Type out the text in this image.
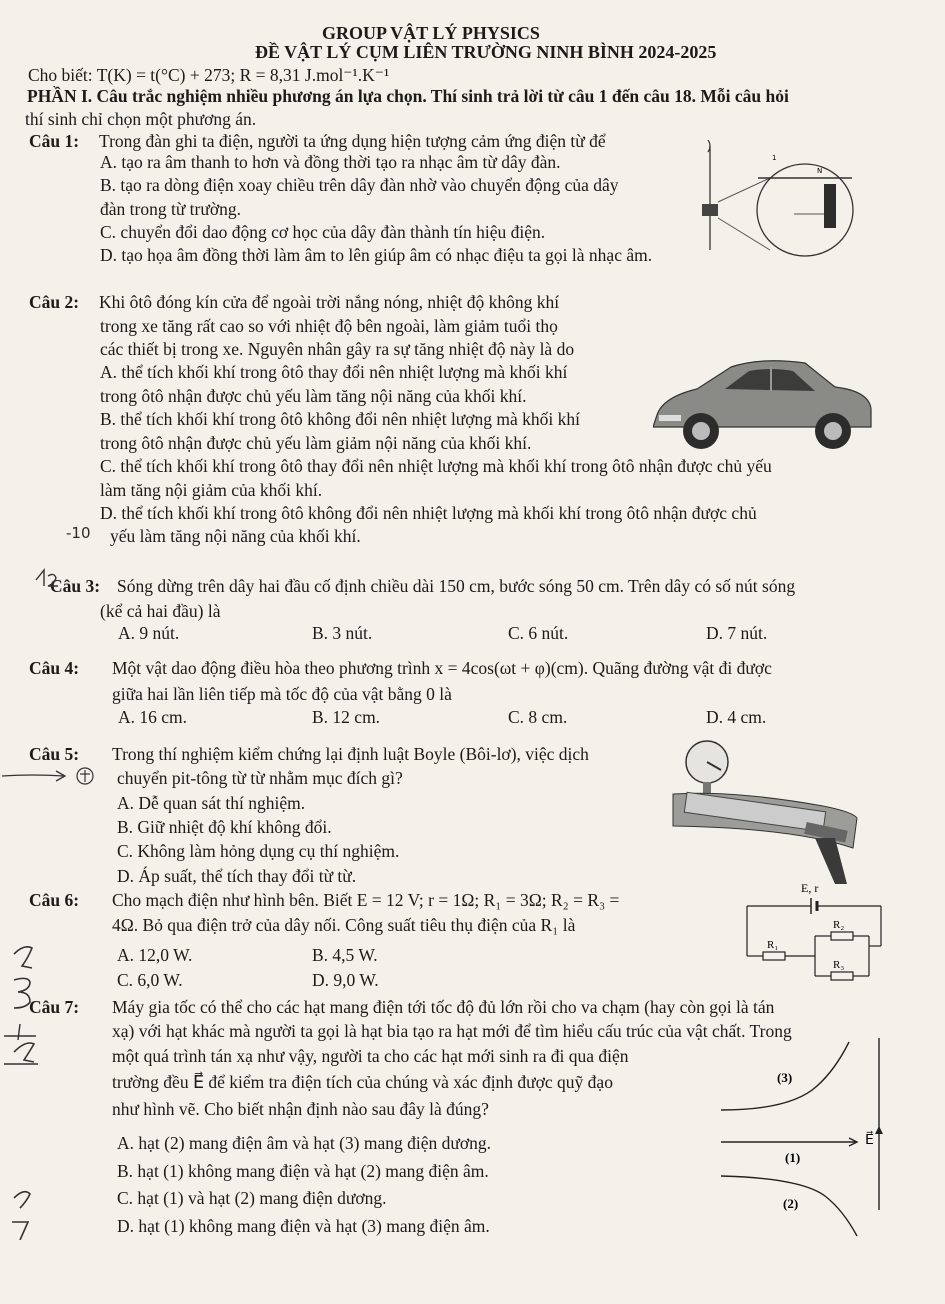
GROUP VẬT LÝ PHYSICS
ĐỀ VẬT LÝ CỤM LIÊN TRƯỜNG NINH BÌNH 2024-2025
Cho biết: T(K) = t(°C) + 273; R = 8,31 J.mol⁻¹.K⁻¹
PHẦN I. Câu trắc nghiệm nhiều phương án lựa chọn. Thí sinh trả lời từ câu 1 đến câu 18. Mỗi câu hỏi
thí sinh chỉ chọn một phương án.
Câu 1: Trong đàn ghi ta điện, người ta ứng dụng hiện tượng cảm ứng điện từ để
A. tạo ra âm thanh to hơn và đồng thời tạo ra nhạc âm từ dây đàn.
B. tạo ra dòng điện xoay chiều trên dây đàn nhờ vào chuyển động của dây
đàn trong từ trường.
C. chuyển đổi dao động cơ học của dây đàn thành tín hiệu điện.
D. tạo họa âm đồng thời làm âm to lên giúp âm có nhạc điệu ta gọi là nhạc âm.
N
1
Câu 2: Khi ôtô đóng kín cửa để ngoài trời nắng nóng, nhiệt độ không khí
trong xe tăng rất cao so với nhiệt độ bên ngoài, làm giảm tuổi thọ
các thiết bị trong xe. Nguyên nhân gây ra sự tăng nhiệt độ này là do
A. thể tích khối khí trong ôtô thay đổi nên nhiệt lượng mà khối khí
trong ôtô nhận được chủ yếu làm tăng nội năng của khối khí.
B. thể tích khối khí trong ôtô không đổi nên nhiệt lượng mà khối khí
trong ôtô nhận được chủ yếu làm giảm nội năng của khối khí.
C. thể tích khối khí trong ôtô thay đổi nên nhiệt lượng mà khối khí trong ôtô nhận được chủ yếu
làm tăng nội giảm của khối khí.
D. thể tích khối khí trong ôtô không đổi nên nhiệt lượng mà khối khí trong ôtô nhận được chủ
yếu làm tăng nội năng của khối khí.
-10
Câu 3: Sóng dừng trên dây hai đầu cố định chiều dài 150 cm, bước sóng 50 cm. Trên dây có số nút sóng
(kể cả hai đầu) là
A. 9 nút.	B. 3 nút.	C. 6 nút.	D. 7 nút.
Câu 4: Một vật dao động điều hòa theo phương trình x = 4cos(ωt + φ)(cm). Quãng đường vật đi được
giữa hai lần liên tiếp mà tốc độ của vật bằng 0 là
A. 16 cm.	B. 12 cm.	C. 8 cm.	D. 4 cm.
Câu 5: Trong thí nghiệm kiểm chứng lại định luật Boyle (Bôi-lơ), việc dịch
chuyển pit-tông từ từ nhằm mục đích gì?
A. Dễ quan sát thí nghiệm.
B. Giữ nhiệt độ khí không đổi.
C. Không làm hỏng dụng cụ thí nghiệm.
D. Áp suất, thể tích thay đổi từ từ.
Câu 6: Cho mạch điện như hình bên. Biết E = 12 V; r = 1Ω; R₁ = 3Ω; R₂ = R₃ =
4Ω. Bỏ qua điện trở của dây nối. Công suất tiêu thụ điện của R₁ là
A. 12,0 W.	B. 4,5 W.
C. 6,0 W.	D. 9,0 W.
E, r
R₁
R₂
R₃
Câu 7: Máy gia tốc có thể cho các hạt mang điện tới tốc độ đủ lớn rồi cho va chạm (hay còn gọi là tán
xạ) với hạt khác mà người ta gọi là hạt bia tạo ra hạt mới để tìm hiểu cấu trúc của vật chất. Trong
một quá trình tán xạ như vậy, người ta cho các hạt mới sinh ra đi qua điện
trường đều E⃗ để kiểm tra điện tích của chúng và xác định được quỹ đạo
như hình vẽ. Cho biết nhận định nào sau đây là đúng?
A. hạt (2) mang điện âm và hạt (3) mang điện dương.
B. hạt (1) không mang điện và hạt (2) mang điện âm.
C. hạt (1) và hạt (2) mang điện dương.
D. hạt (1) không mang điện và hạt (3) mang điện âm.
E⃗
(3)
(1)
(2)
